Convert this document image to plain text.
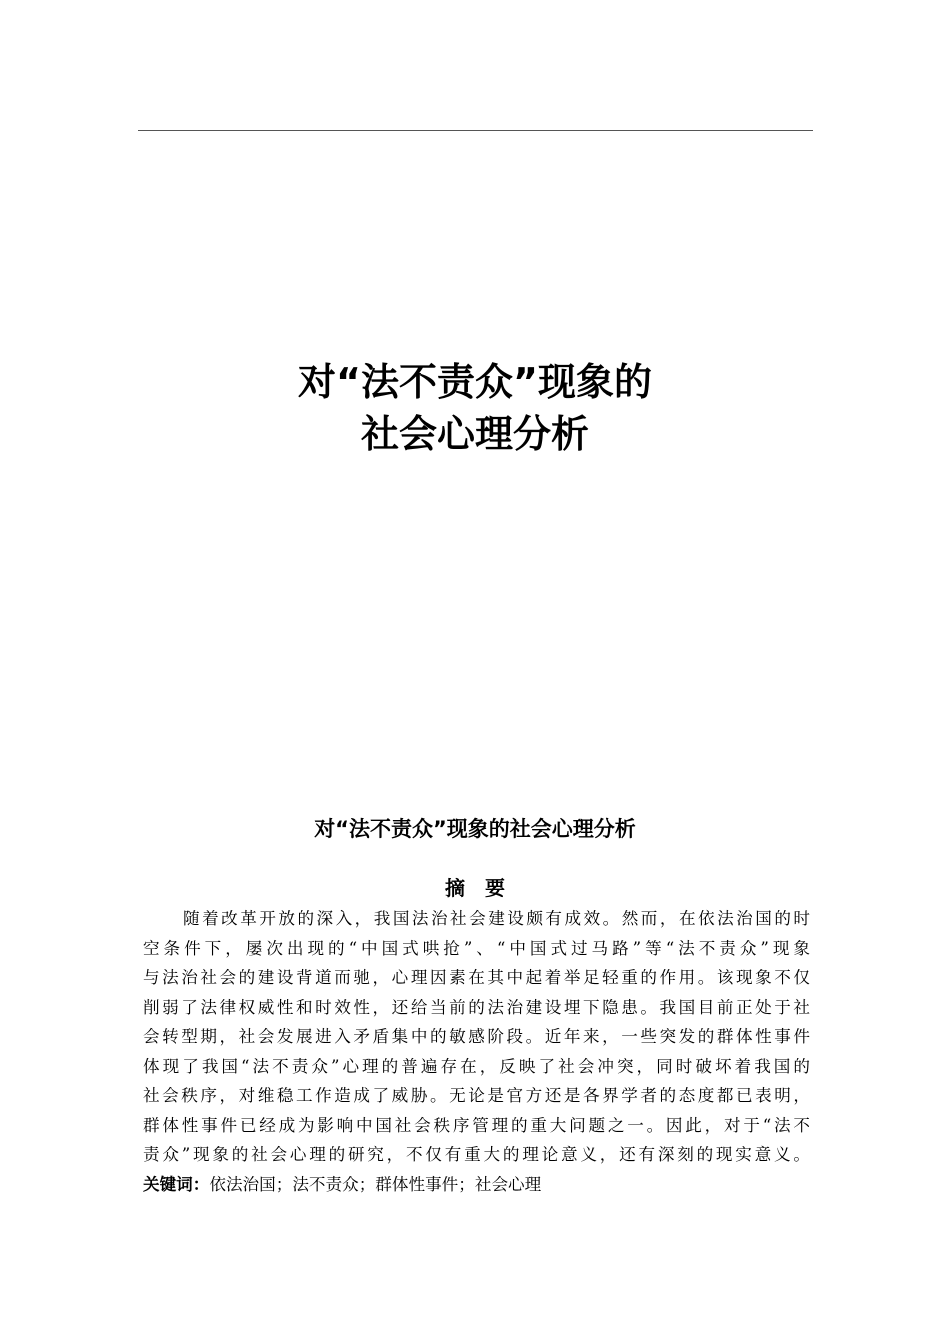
对“法不责众”现象的
社会心理分析
对“法不责众”现象的社会心理分析
摘　要
随着改革开放的深入，我国法治社会建设颇有成效。然而，在依法治国的时
空条件下，屡次出现的“中国式哄抢”、“中国式过马路”等“法不责众”现象
与法治社会的建设背道而驰，心理因素在其中起着举足轻重的作用。该现象不仅
削弱了法律权威性和时效性，还给当前的法治建设埋下隐患。我国目前正处于社
会转型期，社会发展进入矛盾集中的敏感阶段。近年来，一些突发的群体性事件
体现了我国“法不责众”心理的普遍存在，反映了社会冲突，同时破坏着我国的
社会秩序，对维稳工作造成了威胁。无论是官方还是各界学者的态度都已表明，
群体性事件已经成为影响中国社会秩序管理的重大问题之一。因此，对于“法不
责众”现象的社会心理的研究，不仅有重大的理论意义，还有深刻的现实意义。
关键词：依法治国；法不责众；群体性事件；社会心理
